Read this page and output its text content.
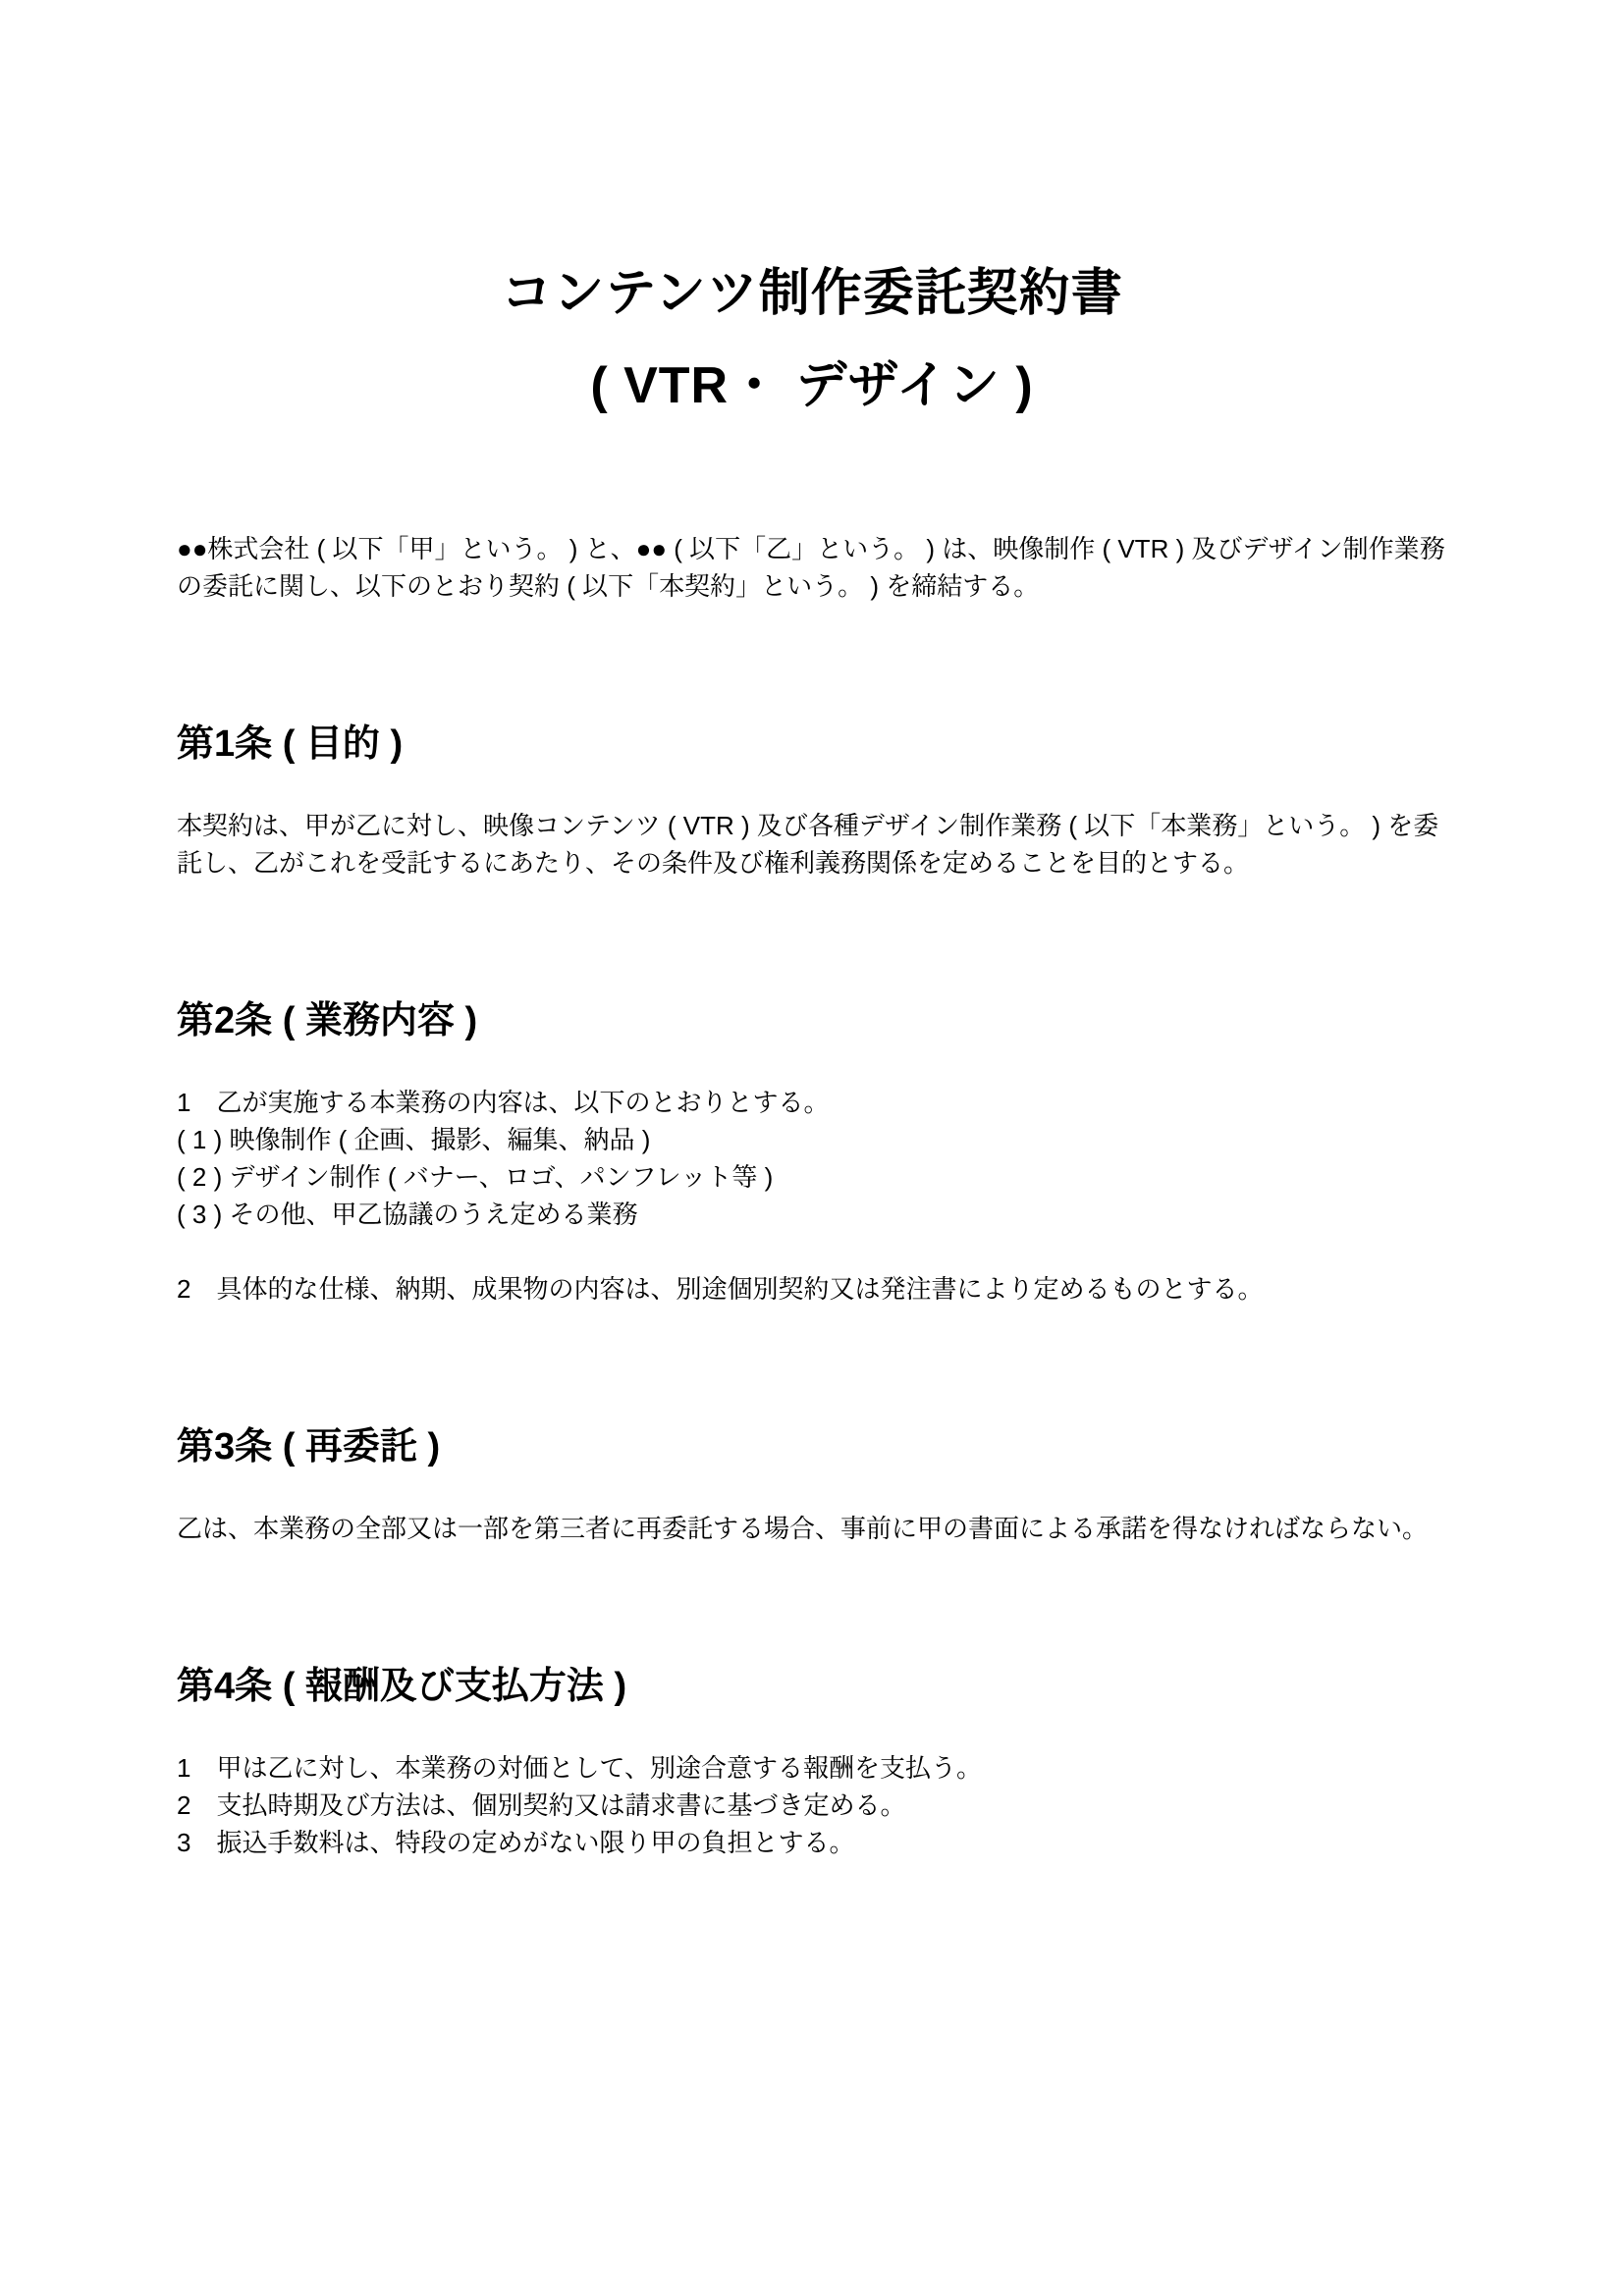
コンテンツ制作委託契約書
( VTR・ デザイン )

●●株式会社 ( 以下「甲」という。 ) と、●● ( 以下「乙」という。 ) は、映像制作 ( VTR ) 及びデザイン制作業務の委託に関し、以下のとおり契約 ( 以下「本契約」という。 ) を締結する。

第1条 ( 目的 )

本契約は、甲が乙に対し、映像コンテンツ ( VTR ) 及び各種デザイン制作業務 ( 以下「本業務」という。 ) を委託し、乙がこれを受託するにあたり、その条件及び権利義務関係を定めることを目的とする。

第2条 ( 業務内容 )

1　乙が実施する本業務の内容は、以下のとおりとする。

( 1 ) 映像制作 ( 企画、撮影、編集、納品 )

( 2 ) デザイン制作 ( バナー、ロゴ、パンフレット等 )

( 3 ) その他、甲乙協議のうえ定める業務

2　具体的な仕様、納期、成果物の内容は、別途個別契約又は発注書により定めるものとする。

第3条 ( 再委託 )

乙は、本業務の全部又は一部を第三者に再委託する場合、事前に甲の書面による承諾を得なければならない。

第4条 ( 報酬及び支払方法 )

1　甲は乙に対し、本業務の対価として、別途合意する報酬を支払う。

2　支払時期及び方法は、個別契約又は請求書に基づき定める。

3　振込手数料は、特段の定めがない限り甲の負担とする。
